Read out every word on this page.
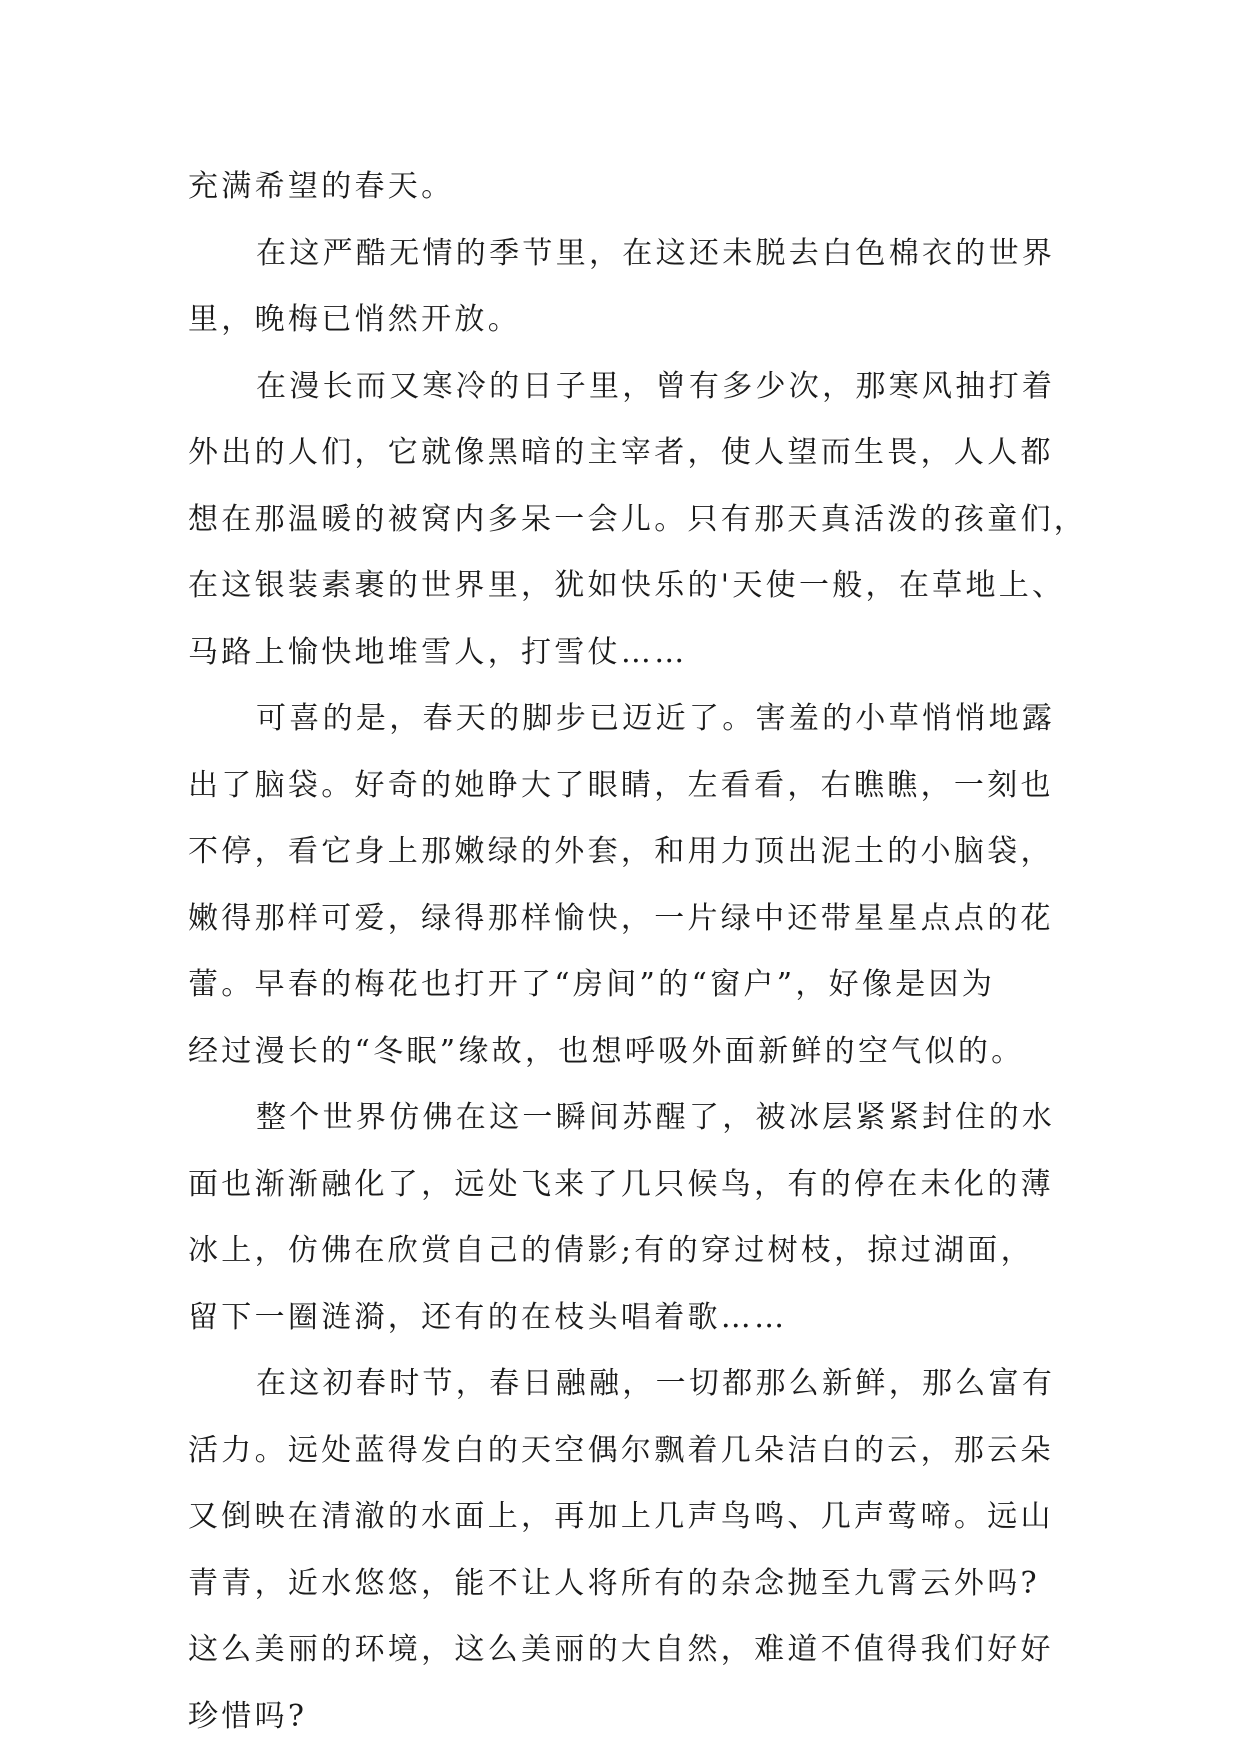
充满希望的春天。
在这严酷无情的季节里，在这还未脱去白色棉衣的世界
里，晚梅已悄然开放。
在漫长而又寒冷的日子里，曾有多少次，那寒风抽打着
外出的人们，它就像黑暗的主宰者，使人望而生畏，人人都
想在那温暖的被窝内多呆一会儿。只有那天真活泼的孩童们，
在这银装素裹的世界里，犹如快乐的'天使一般，在草地上、
马路上愉快地堆雪人，打雪仗……
可喜的是，春天的脚步已迈近了。害羞的小草悄悄地露
出了脑袋。好奇的她睁大了眼睛，左看看，右瞧瞧，一刻也
不停，看它身上那嫩绿的外套，和用力顶出泥土的小脑袋，
嫩得那样可爱，绿得那样愉快，一片绿中还带星星点点的花
蕾。早春的梅花也打开了“房间”的“窗户”，好像是因为
经过漫长的“冬眠”缘故，也想呼吸外面新鲜的空气似的。
整个世界仿佛在这一瞬间苏醒了，被冰层紧紧封住的水
面也渐渐融化了，远处飞来了几只候鸟，有的停在未化的薄
冰上，仿佛在欣赏自己的倩影;有的穿过树枝，掠过湖面，
留下一圈涟漪，还有的在枝头唱着歌……
在这初春时节，春日融融，一切都那么新鲜，那么富有
活力。远处蓝得发白的天空偶尔飘着几朵洁白的云，那云朵
又倒映在清澈的水面上，再加上几声鸟鸣、几声莺啼。远山
青青，近水悠悠，能不让人将所有的杂念抛至九霄云外吗?
这么美丽的环境，这么美丽的大自然，难道不值得我们好好
珍惜吗?
